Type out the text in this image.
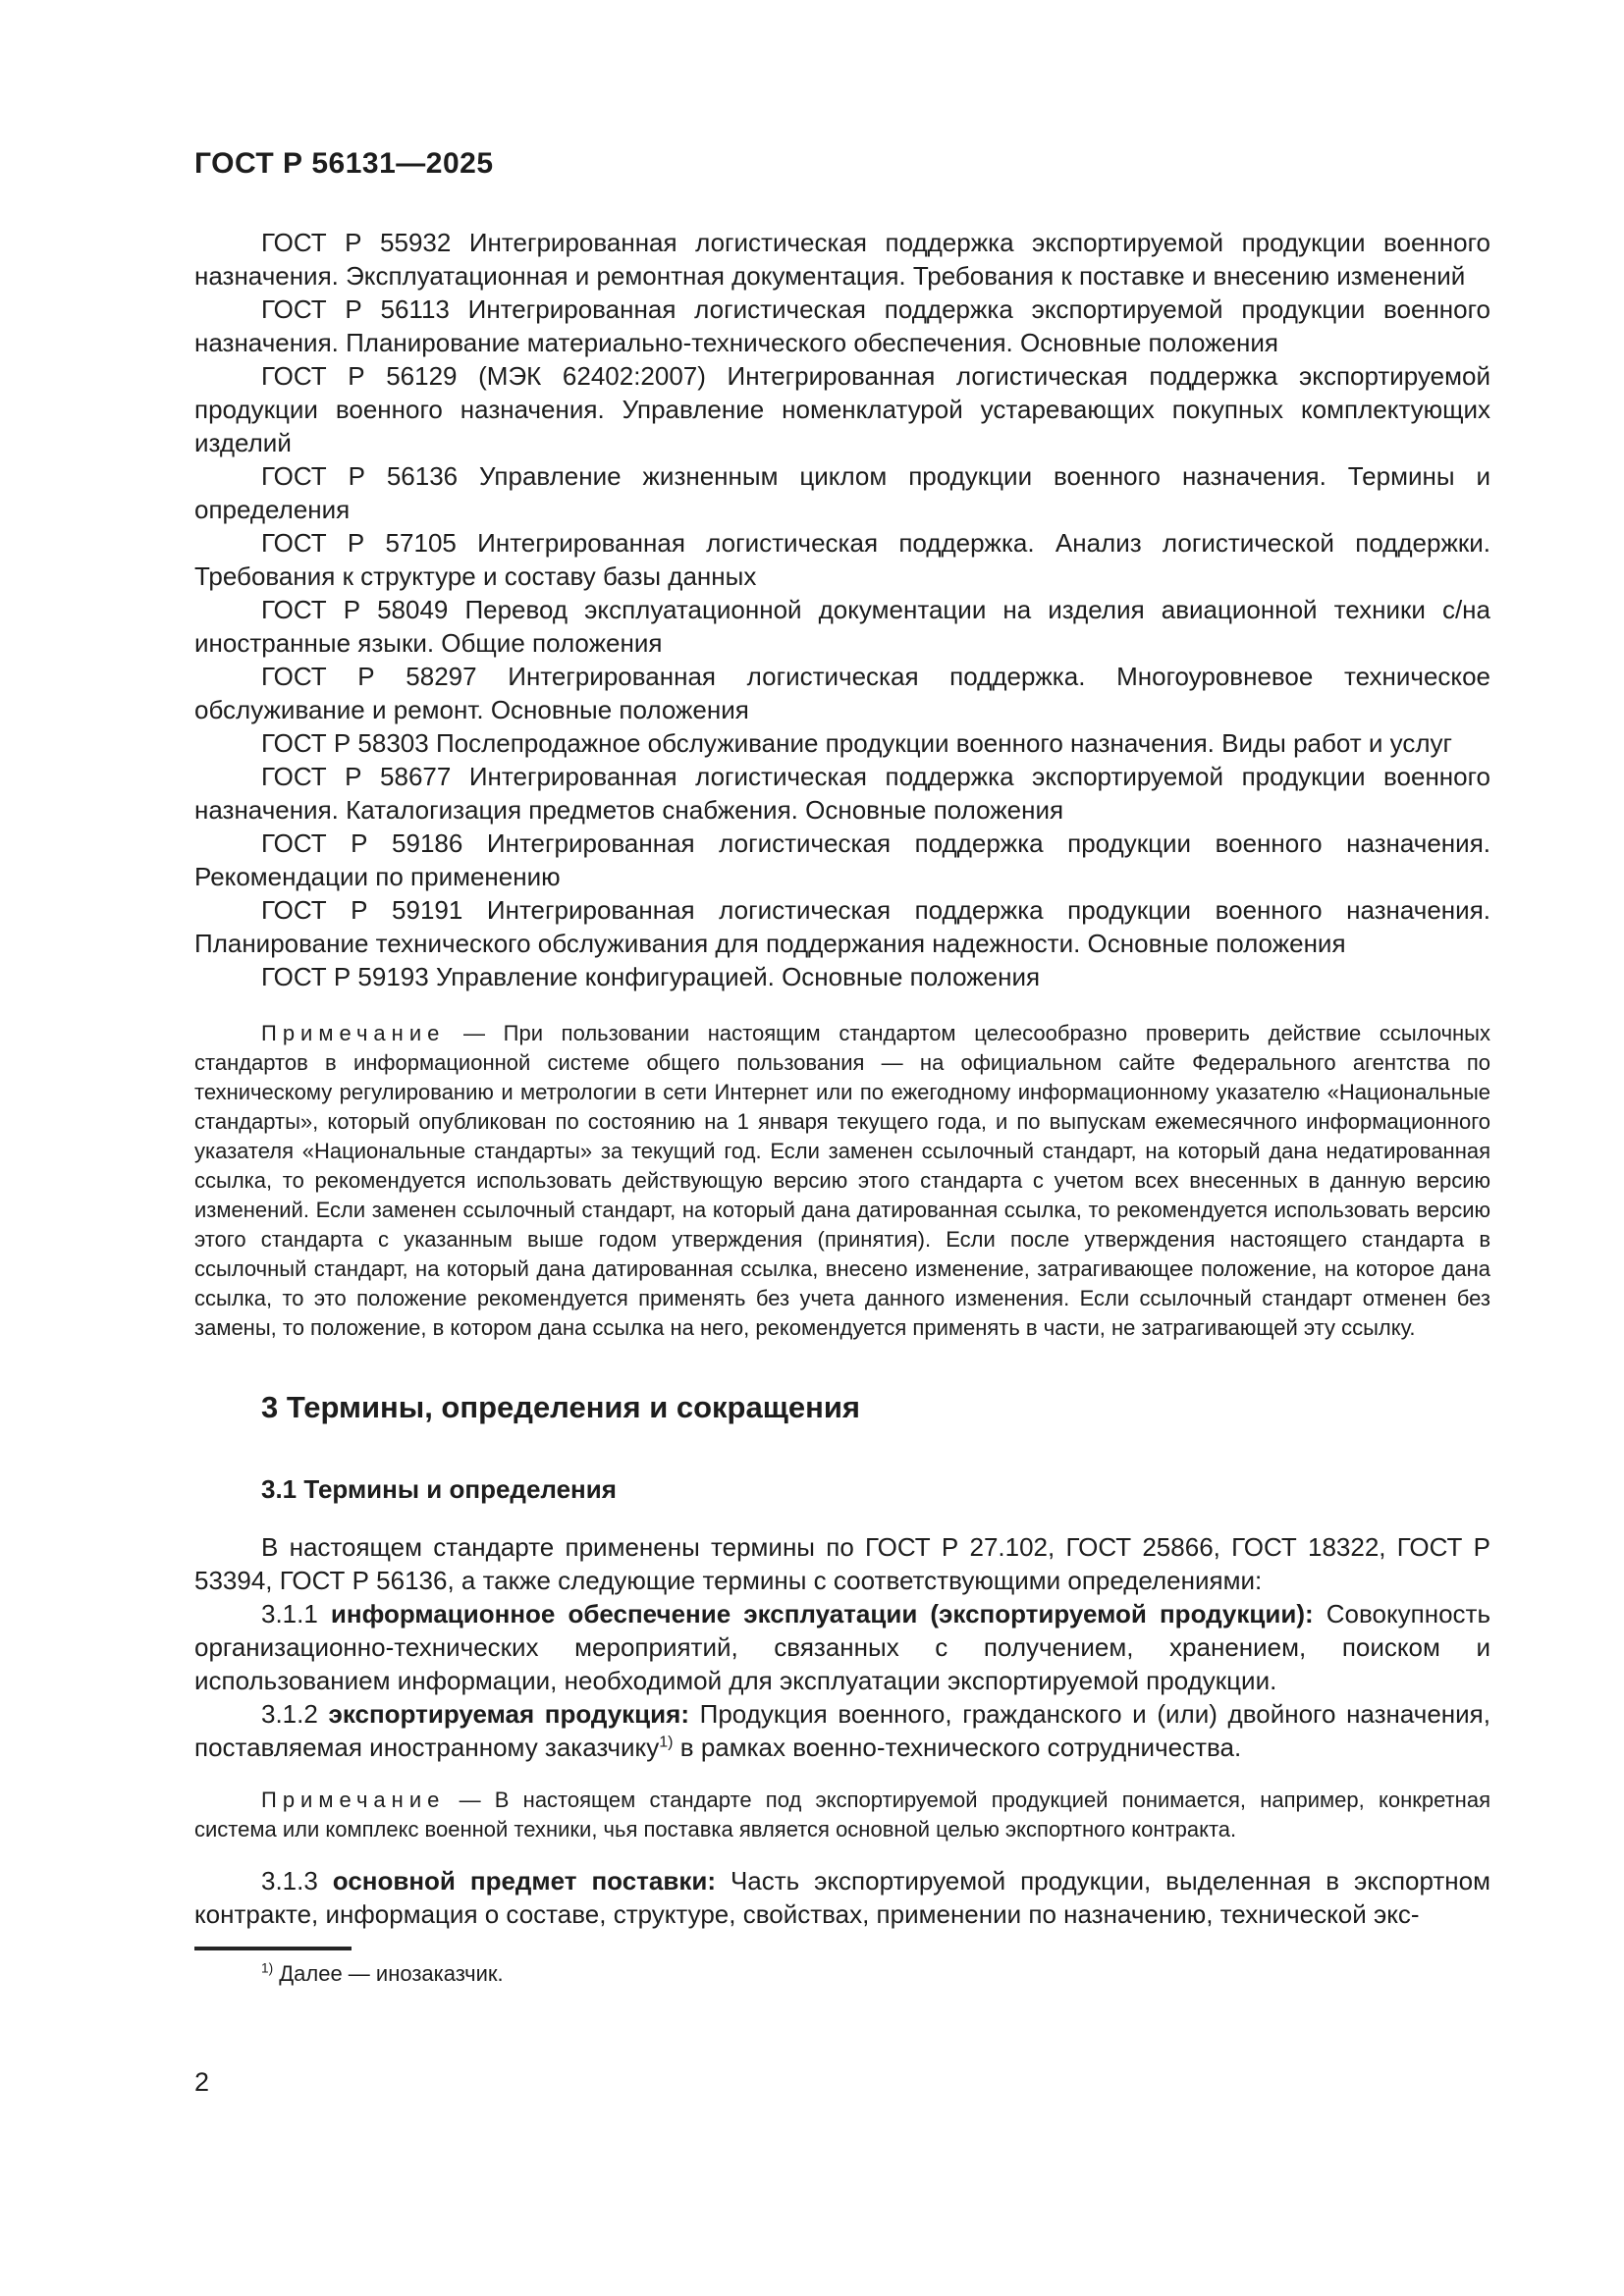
ГОСТ Р 56131—2025

ГОСТ Р 55932 Интегрированная логистическая поддержка экспортируемой продукции военного назначения. Эксплуатационная и ремонтная документация. Требования к поставке и внесению изменений

ГОСТ Р 56113 Интегрированная логистическая поддержка экспортируемой продукции военного назначения. Планирование материально-технического обеспечения. Основные положения

ГОСТ Р 56129 (МЭК 62402:2007) Интегрированная логистическая поддержка экспортируемой продукции военного назначения. Управление номенклатурой устаревающих покупных комплектующих изделий

ГОСТ Р 56136 Управление жизненным циклом продукции военного назначения. Термины и определения

ГОСТ Р 57105 Интегрированная логистическая поддержка. Анализ логистической поддержки. Требования к структуре и составу базы данных

ГОСТ Р 58049 Перевод эксплуатационной документации на изделия авиационной техники с/на иностранные языки. Общие положения

ГОСТ Р 58297 Интегрированная логистическая поддержка. Многоуровневое техническое обслуживание и ремонт. Основные положения

ГОСТ Р 58303 Послепродажное обслуживание продукции военного назначения. Виды работ и услуг

ГОСТ Р 58677 Интегрированная логистическая поддержка экспортируемой продукции военного назначения. Каталогизация предметов снабжения. Основные положения

ГОСТ Р 59186 Интегрированная логистическая поддержка продукции военного назначения. Рекомендации по применению

ГОСТ Р 59191 Интегрированная логистическая поддержка продукции военного назначения. Планирование технического обслуживания для поддержания надежности. Основные положения

ГОСТ Р 59193 Управление конфигурацией. Основные положения

Примечание — При пользовании настоящим стандартом целесообразно проверить действие ссылочных стандартов в информационной системе общего пользования — на официальном сайте Федерального агентства по техническому регулированию и метрологии в сети Интернет или по ежегодному информационному указателю «Национальные стандарты», который опубликован по состоянию на 1 января текущего года, и по выпускам ежемесячного информационного указателя «Национальные стандарты» за текущий год. Если заменен ссылочный стандарт, на который дана недатированная ссылка, то рекомендуется использовать действующую версию этого стандарта с учетом всех внесенных в данную версию изменений. Если заменен ссылочный стандарт, на который дана датированная ссылка, то рекомендуется использовать версию этого стандарта с указанным выше годом утверждения (принятия). Если после утверждения настоящего стандарта в ссылочный стандарт, на который дана датированная ссылка, внесено изменение, затрагивающее положение, на которое дана ссылка, то это положение рекомендуется применять без учета данного изменения. Если ссылочный стандарт отменен без замены, то положение, в котором дана ссылка на него, рекомендуется применять в части, не затрагивающей эту ссылку.

3 Термины, определения и сокращения
3.1 Термины и определения

В настоящем стандарте применены термины по ГОСТ Р 27.102, ГОСТ 25866, ГОСТ 18322, ГОСТ Р 53394, ГОСТ Р 56136, а также следующие термины с соответствующими определениями:

3.1.1 информационное обеспечение эксплуатации (экспортируемой продукции): Совокупность организационно-технических мероприятий, связанных с получением, хранением, поиском и использованием информации, необходимой для эксплуатации экспортируемой продукции.

3.1.2 экспортируемая продукция: Продукция военного, гражданского и (или) двойного назначения, поставляемая иностранному заказчику$^{1)}$ в рамках военно-технического сотрудничества.

Примечание — В настоящем стандарте под экспортируемой продукцией понимается, например, конкретная система или комплекс военной техники, чья поставка является основной целью экспортного контракта.

3.1.3 основной предмет поставки: Часть экспортируемой продукции, выделенная в экспортном контракте, информация о составе, структуре, свойствах, применении по назначению, технической экс-

$^{1)}$ Далее — инозаказчик.

2
